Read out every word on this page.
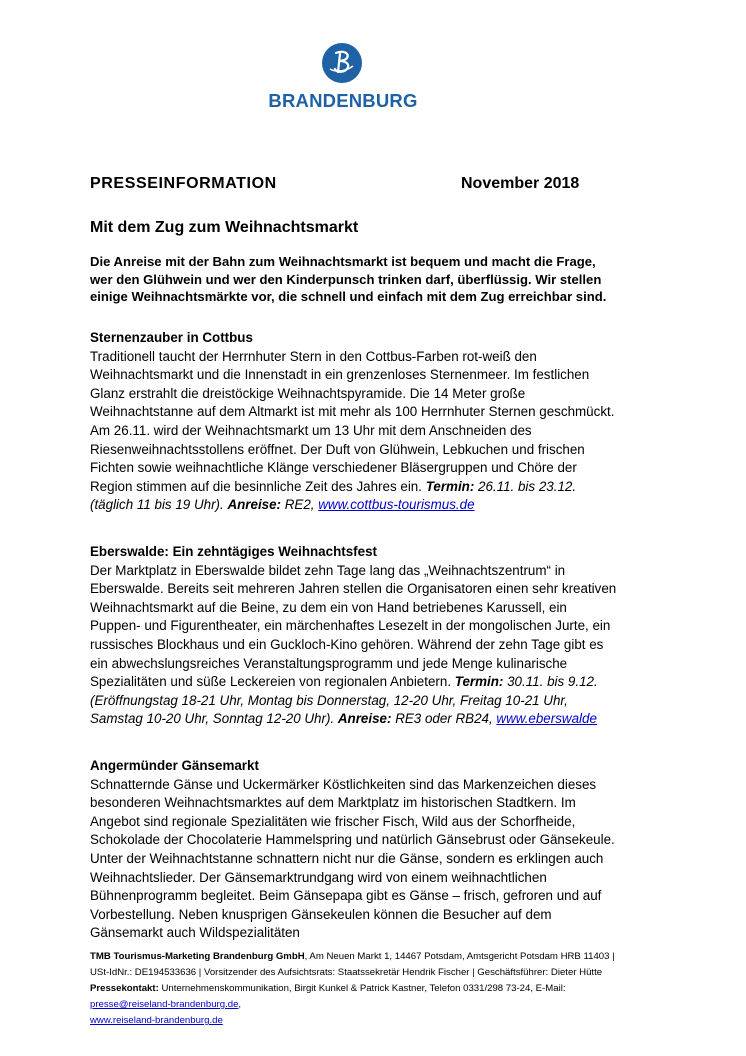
BRANDENBURG
PRESSEINFORMATION	November 2018
Mit dem Zug zum Weihnachtsmarkt
Die Anreise mit der Bahn zum Weihnachtsmarkt ist bequem und macht die Frage, wer den Glühwein und wer den Kinderpunsch trinken darf, überflüssig. Wir stellen einige Weihnachtsmärkte vor, die schnell und einfach mit dem Zug erreichbar sind.
Sternenzauber in Cottbus

Traditionell taucht der Herrnhuter Stern in den Cottbus-Farben rot-weiß den Weihnachtsmarkt und die Innenstadt in ein grenzenloses Sternenmeer. Im festlichen Glanz erstrahlt die dreistöckige Weihnachtspyramide. Die 14 Meter große Weihnachtstanne auf dem Altmarkt ist mit mehr als 100 Herrnhuter Sternen geschmückt. Am 26.11. wird der Weihnachtsmarkt um 13 Uhr mit dem Anschneiden des Riesenweihnachtsstollens eröffnet. Der Duft von Glühwein, Lebkuchen und frischen Fichten sowie weihnachtliche Klänge verschiedener Bläsergruppen und Chöre der Region stimmen auf die besinnliche Zeit des Jahres ein. Termin: 26.11. bis 23.12. (täglich 11 bis 19 Uhr). Anreise: RE2, www.cottbus-tourismus.de

Eberswalde: Ein zehntägiges Weihnachtsfest

Der Marktplatz in Eberswalde bildet zehn Tage lang das „Weihnachtszentrum“ in Eberswalde. Bereits seit mehreren Jahren stellen die Organisatoren einen sehr kreativen Weihnachtsmarkt auf die Beine, zu dem ein von Hand betriebenes Karussell, ein Puppen- und Figurentheater, ein märchenhaftes Lesezelt in der mongolischen Jurte, ein russisches Blockhaus und ein Guckloch-Kino gehören. Während der zehn Tage gibt es ein abwechslungsreiches Veranstaltungsprogramm und jede Menge kulinarische Spezialitäten und süße Leckereien von regionalen Anbietern. Termin: 30.11. bis 9.12. (Eröffnungstag 18-21 Uhr, Montag bis Donnerstag, 12-20 Uhr, Freitag 10-21 Uhr, Samstag 10-20 Uhr, Sonntag 12-20 Uhr). Anreise: RE3 oder RB24, www.eberswalde

Angermünder Gänsemarkt

Schnatternde Gänse und Uckermärker Köstlichkeiten sind das Markenzeichen dieses besonderen Weihnachtsmarktes auf dem Marktplatz im historischen Stadtkern. Im Angebot sind regionale Spezialitäten wie frischer Fisch, Wild aus der Schorfheide, Schokolade der Chocolaterie Hammelspring und natürlich Gänsebrust oder Gänsekeule. Unter der Weihnachtstanne schnattern nicht nur die Gänse, sondern es erklingen auch Weihnachtslieder. Der Gänsemarktrundgang wird von einem weihnachtlichen Bühnenprogramm begleitet. Beim Gänsepapa gibt es Gänse – frisch, gefroren und auf Vorbestellung. Neben knusprigen Gänsekeulen können die Besucher auf dem Gänsemarkt auch Wildspezialitäten

TMB Tourismus-Marketing Brandenburg GmbH, Am Neuen Markt 1, 14467 Potsdam, Amtsgericht Potsdam HRB 11403 | USt-IdNr.: DE194533636 | Vorsitzender des Aufsichtsrats: Staatssekretär Hendrik Fischer | Geschäftsführer: Dieter Hütte Pressekontakt: Unternehmenskommunikation, Birgit Kunkel & Patrick Kastner, Telefon 0331/298 73-24, E-Mail: presse@reiseland-brandenburg.de,
www.reiseland-brandenburg.de
